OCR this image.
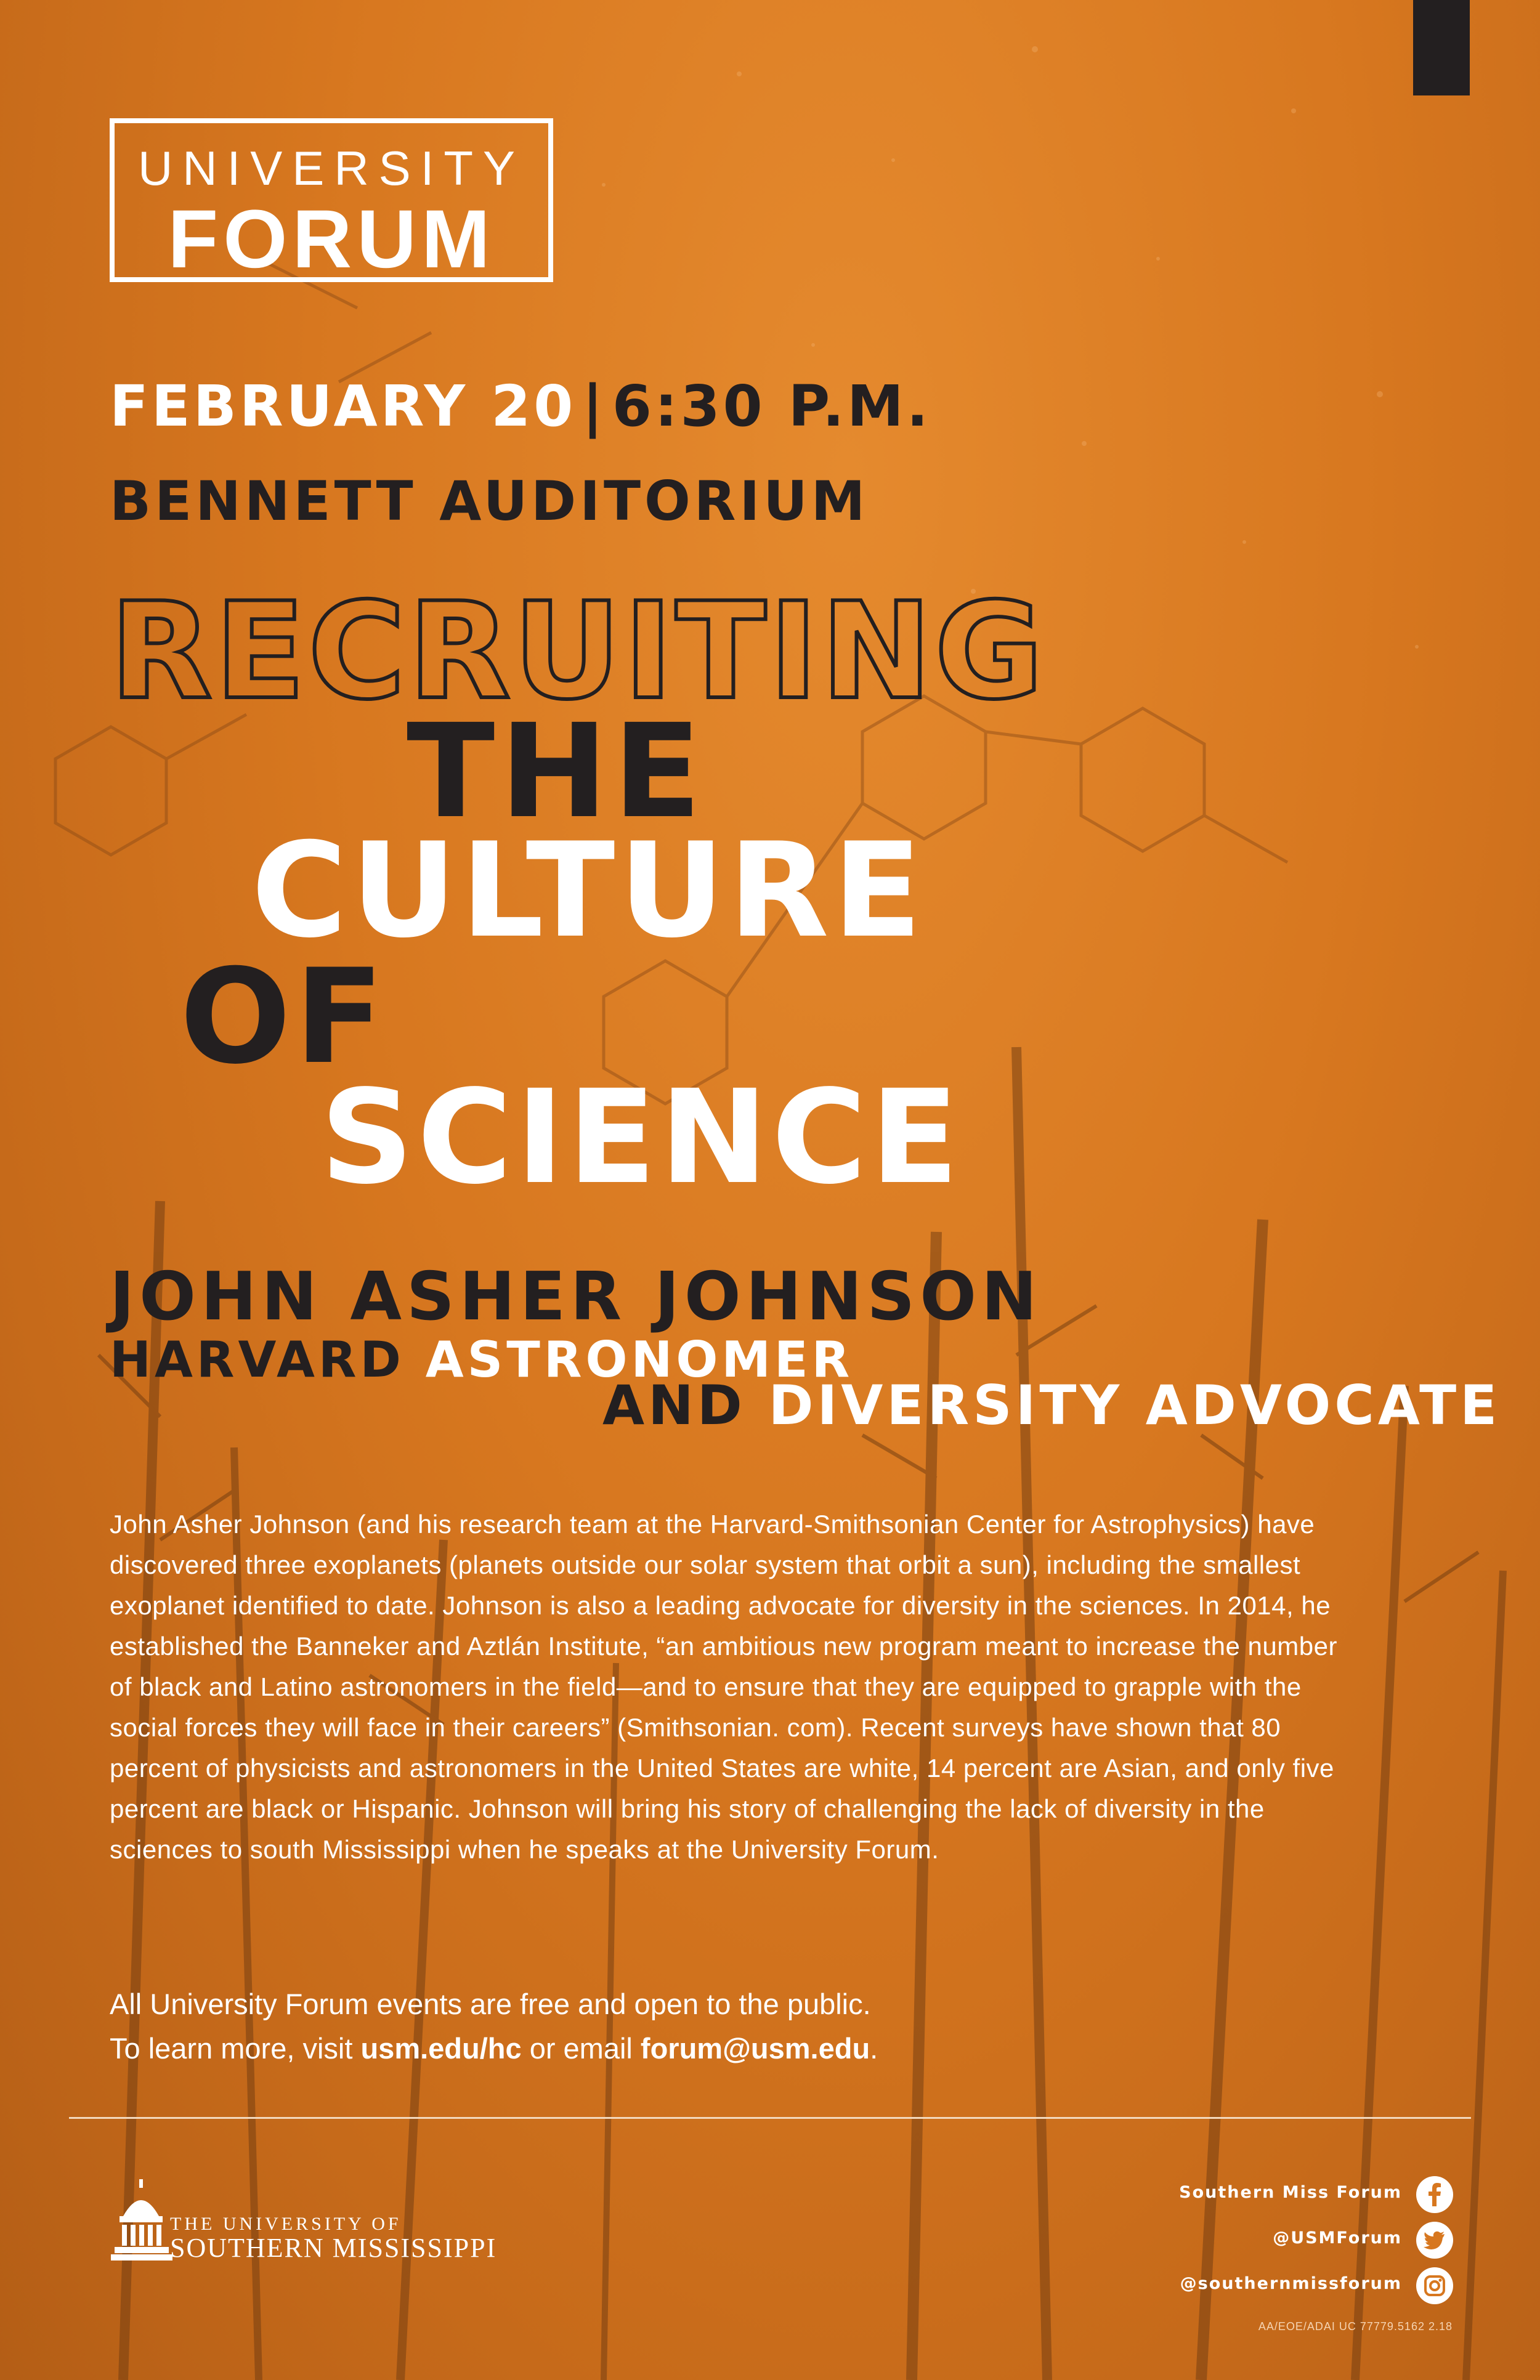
UNIVERSITY
FORUM
FEBRUARY 20 | 6:30 P.M.
BENNETT AUDITORIUM
RECRUITING
THE
CULTURE
OF
SCIENCE
JOHN ASHER JOHNSON
HARVARD ASTRONOMER
AND DIVERSITY ADVOCATE

John Asher Johnson (and his research team at the Harvard-Smithsonian Center for Astrophysics) have discovered three exoplanets (planets outside our solar system that orbit a sun), including the smallest exoplanet identified to date. Johnson is also a leading advocate for diversity in the sciences. In 2014, he established the Banneker and Aztlán Institute, “an ambitious new program meant to increase the number of black and Latino astronomers in the field—and to ensure that they are equipped to grapple with the social forces they will face in their careers” (Smithsonian. com). Recent surveys have shown that 80 percent of physicists and astronomers in the United States are white, 14 percent are Asian, and only five percent are black or Hispanic. Johnson will bring his story of challenging the lack of diversity in the sciences to south Mississippi when he speaks at the University Forum.

All University Forum events are free and open to the public.

To learn more, visit usm.edu/hc or email forum@usm.edu.

THE UNIVERSITY OF
SOUTHERN MISSISSIPPI
Southern Miss Forum
@USMForum
@southernmissforum
AA/EOE/ADAI UC 77779.5162 2.18
